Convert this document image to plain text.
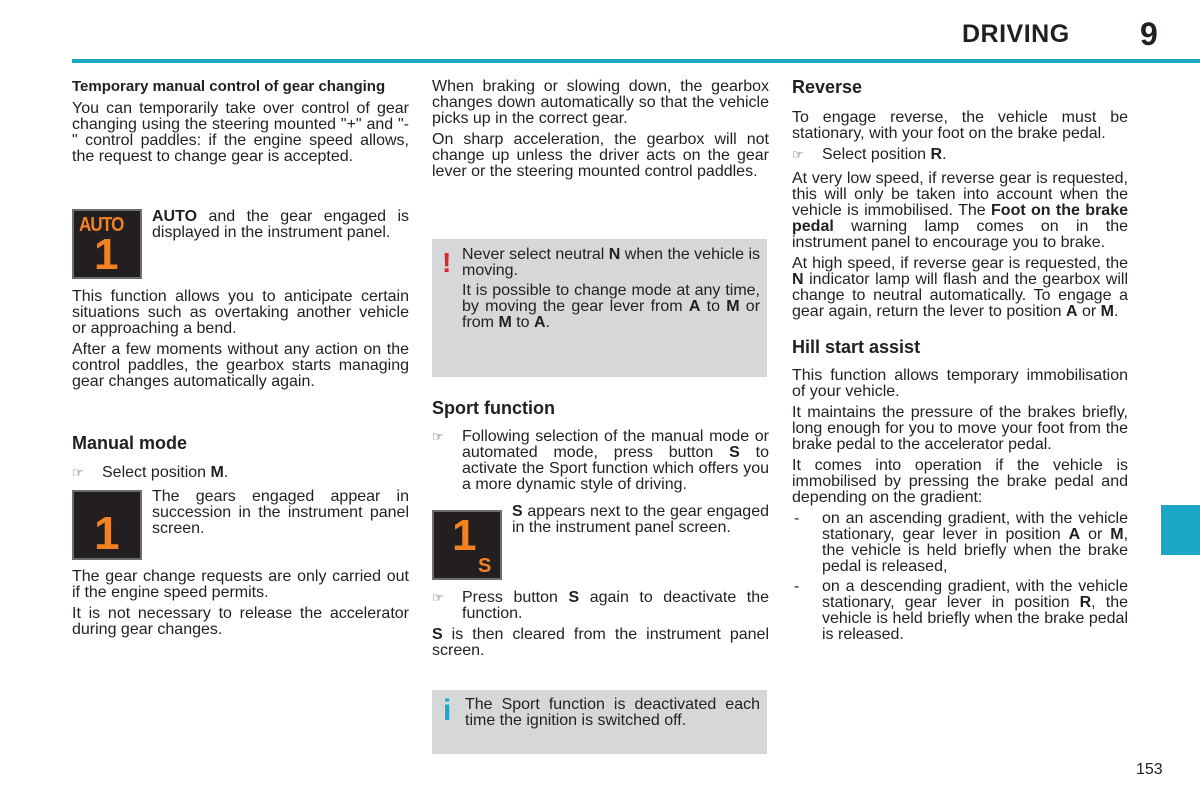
DRIVING 9
153
Temporary manual control of gear changing

You can temporarily take over control of gear changing using the steering mounted "+" and "-" control paddles: if the engine speed allows, the request to change gear is accepted.

AUTO
1
AUTO and the gear engaged is displayed in the instrument panel.

This function allows you to anticipate certain situations such as overtaking another vehicle or approaching a bend.

After a few moments without any action on the control paddles, the gearbox starts managing gear changes automatically again.

Manual mode
☞	Select position M.
1
The gears engaged appear in succession in the instrument panel screen.

The gear change requests are only carried out if the engine speed permits.

It is not necessary to release the accelerator during gear changes.

When braking or slowing down, the gearbox changes down automatically so that the vehicle picks up in the correct gear.

On sharp acceleration, the gearbox will not change up unless the driver acts on the gear lever or the steering mounted control paddles.

! Never select neutral N when the vehicle is moving.

It is possible to change mode at any time, by moving the gear lever from A to M or from M to A.

Sport function
☞	Following selection of the manual mode or automated mode, press button S to activate the Sport function which offers you a more dynamic style of driving.
1
S
S appears next to the gear engaged in the instrument panel screen.
☞	Press button S again to deactivate the function.

S is then cleared from the instrument panel screen.

i The Sport function is deactivated each time the ignition is switched off.
Reverse

To engage reverse, the vehicle must be stationary, with your foot on the brake pedal.

☞	Select position R.

At very low speed, if reverse gear is requested, this will only be taken into account when the vehicle is immobilised. The Foot on the brake pedal warning lamp comes on in the instrument panel to encourage you to brake.

At high speed, if reverse gear is requested, the N indicator lamp will flash and the gearbox will change to neutral automatically. To engage a gear again, return the lever to position A or M.

Hill start assist

This function allows temporary immobilisation of your vehicle.

It maintains the pressure of the brakes briefly, long enough for you to move your foot from the brake pedal to the accelerator pedal.

It comes into operation if the vehicle is immobilised by pressing the brake pedal and depending on the gradient:

-	on an ascending gradient, with the vehicle stationary, gear lever in position A or M, the vehicle is held briefly when the brake pedal is released,
-	on a descending gradient, with the vehicle stationary, gear lever in position R, the vehicle is held briefly when the brake pedal is released.
